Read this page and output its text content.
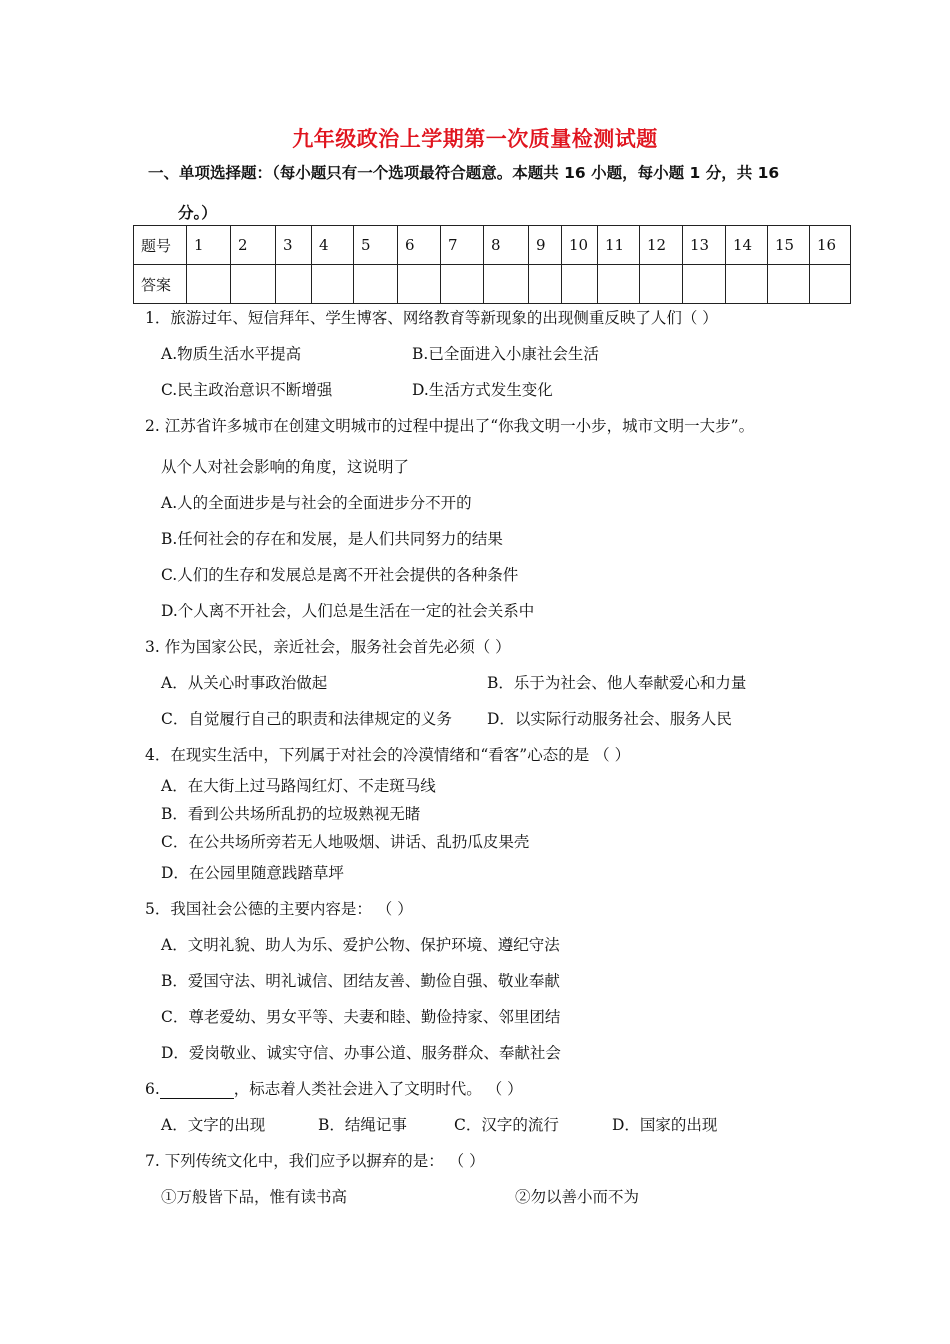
九年级政治上学期第一次质量检测试题
一、单项选择题：（每小题只有一个选项最符合题意。本题共 16 小题，每小题 1 分，共 16
分。）
题号	1	2	3	4	5	6	7	8	9	10	11	12	13	14	15	16
答案																
1．旅游过年、短信拜年、学生博客、网络教育等新现象的出现侧重反映了人们（ ）
A.物质生活水平提高	B.已全面进入小康社会生活
C.民主政治意识不断增强	D.生活方式发生变化
2. 江苏省许多城市在创建文明城市的过程中提出了“你我文明一小步，城市文明一大步”。
从个人对社会影响的角度，这说明了
A.人的全面进步是与社会的全面进步分不开的
B.任何社会的存在和发展，是人们共同努力的结果
C.人们的生存和发展总是离不开社会提供的各种条件
D.个人离不开社会，人们总是生活在一定的社会关系中
3. 作为国家公民，亲近社会，服务社会首先必须（ ）
A．从关心时事政治做起	B．乐于为社会、他人奉献爱心和力量
C．自觉履行自己的职责和法律规定的义务 D．以实际行动服务社会、服务人民
4．在现实生活中，下列属于对社会的冷漠情绪和“看客”心态的是 （ ）
A．在大街上过马路闯红灯、不走斑马线
B．看到公共场所乱扔的垃圾熟视无睹
C．在公共场所旁若无人地吸烟、讲话、乱扔瓜皮果壳
D．在公园里随意践踏草坪
5．我国社会公德的主要内容是： （ ）
A．文明礼貌、助人为乐、爱护公物、保护环境、遵纪守法
B．爱国守法、明礼诚信、团结友善、勤俭自强、敬业奉献
C．尊老爱幼、男女平等、夫妻和睦、勤俭持家、邻里团结
D．爱岗敬业、诚实守信、办事公道、服务群众、奉献社会
6.	，标志着人类社会进入了文明时代。 （ ）
A．文字的出现	B．结绳记事	C．汉字的流行	D．国家的出现
7. 下列传统文化中，我们应予以摒弃的是： （ ）
①万般皆下品，惟有读书高	②勿以善小而不为
